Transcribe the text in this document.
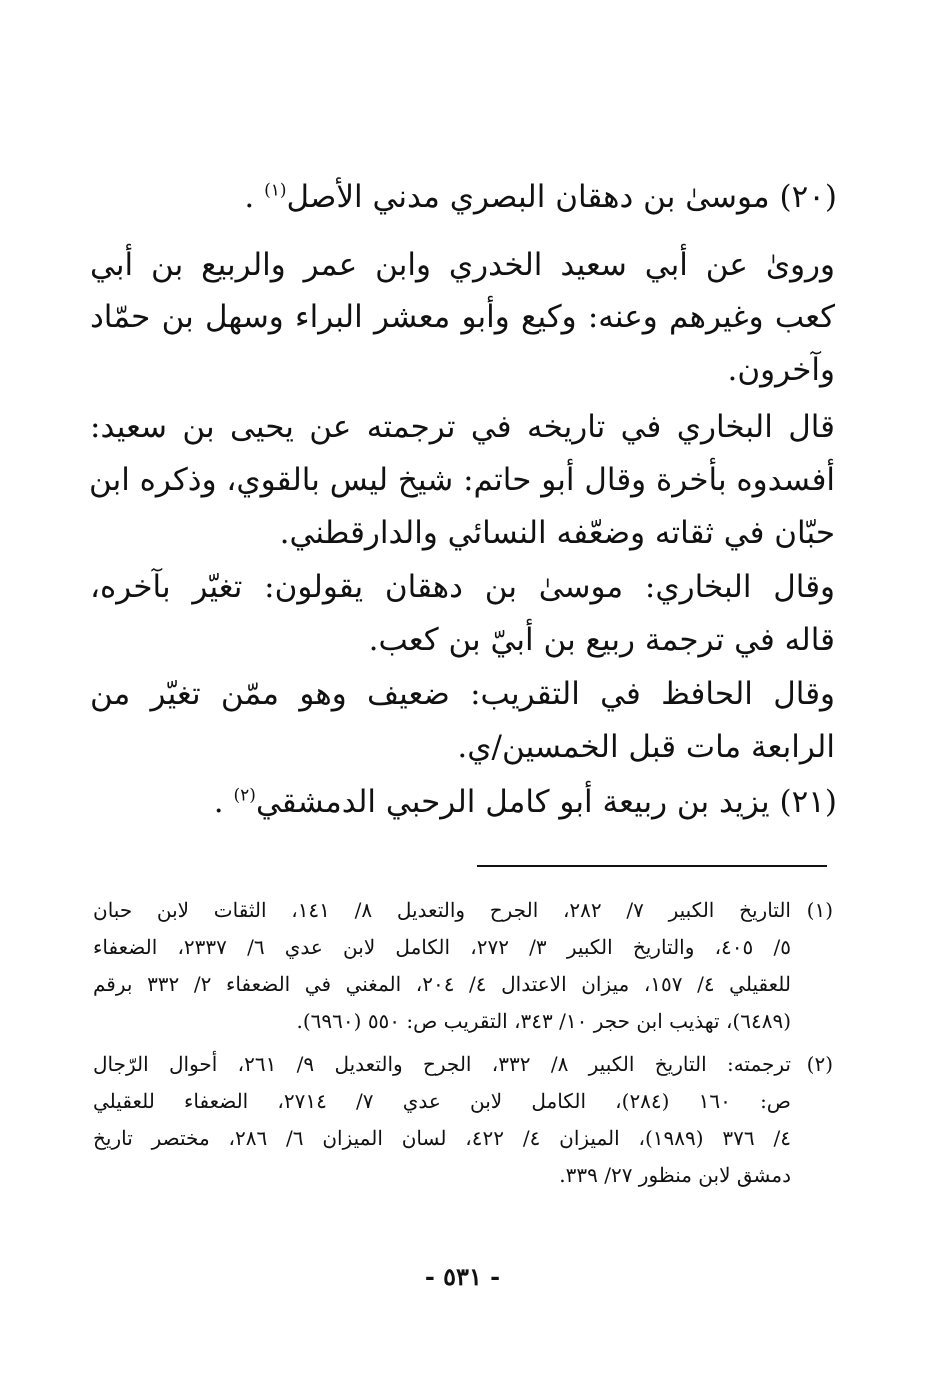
(٢٠) موسىٰ بن دهقان البصري مدني الأصل$^{(١)}$ .
ورویٰ عن أبي سعيد الخدري وابن عمر والربيع بن أبي
كعب وغيرهم وعنه: وكيع وأبو معشر البراء وسهل بن حمّاد
وآخرون.
قال البخاري في تاريخه في ترجمته عن يحيى بن سعيد:
أفسدوه بأخرة وقال أبو حاتم: شيخ ليس بالقوي، وذكره ابن
حبّان في ثقاته وضعّفه النسائي والدارقطني.
وقال البخاري: موسىٰ بن دهقان يقولون: تغيّر بآخره،
قاله في ترجمة ربيع بن أبيّ بن كعب.
وقال الحافظ في التقريب: ضعيف وهو ممّن تغيّر من
الرابعة مات قبل الخمسين/ي.
(٢١) يزيد بن ربيعة أبو كامل الرحبي الدمشقي$^{(٢)}$ .
(١)
التاريخ الكبير ٧/ ٢٨٢، الجرح والتعديل ٨/ ١٤١، الثقات لابن حبان
٥/ ٤٠٥، والتاريخ الكبير ٣/ ٢٧٢، الكامل لابن عدي ٦/ ٢٣٣٧، الضعفاء
للعقيلي ٤/ ١٥٧، ميزان الاعتدال ٤/ ٢٠٤، المغني في الضعفاء ٢/ ٣٣٢ برقم
(٦٤٨٩)، تهذيب ابن حجر ١٠/ ٣٤٣، التقريب ص: ٥٥٠ (٦٩٦٠).
(٢)
ترجمته: التاريخ الكبير ٨/ ٣٣٢، الجرح والتعديل ٩/ ٢٦١، أحوال الرّجال
ص: ١٦٠ (٢٨٤)، الكامل لابن عدي ٧/ ٢٧١٤، الضعفاء للعقيلي
٤/ ٣٧٦ (١٩٨٩)، الميزان ٤/ ٤٢٢، لسان الميزان ٦/ ٢٨٦، مختصر تاريخ
دمشق لابن منظور ٢٧/ ٣٣٩.
- ٥٣١ -
